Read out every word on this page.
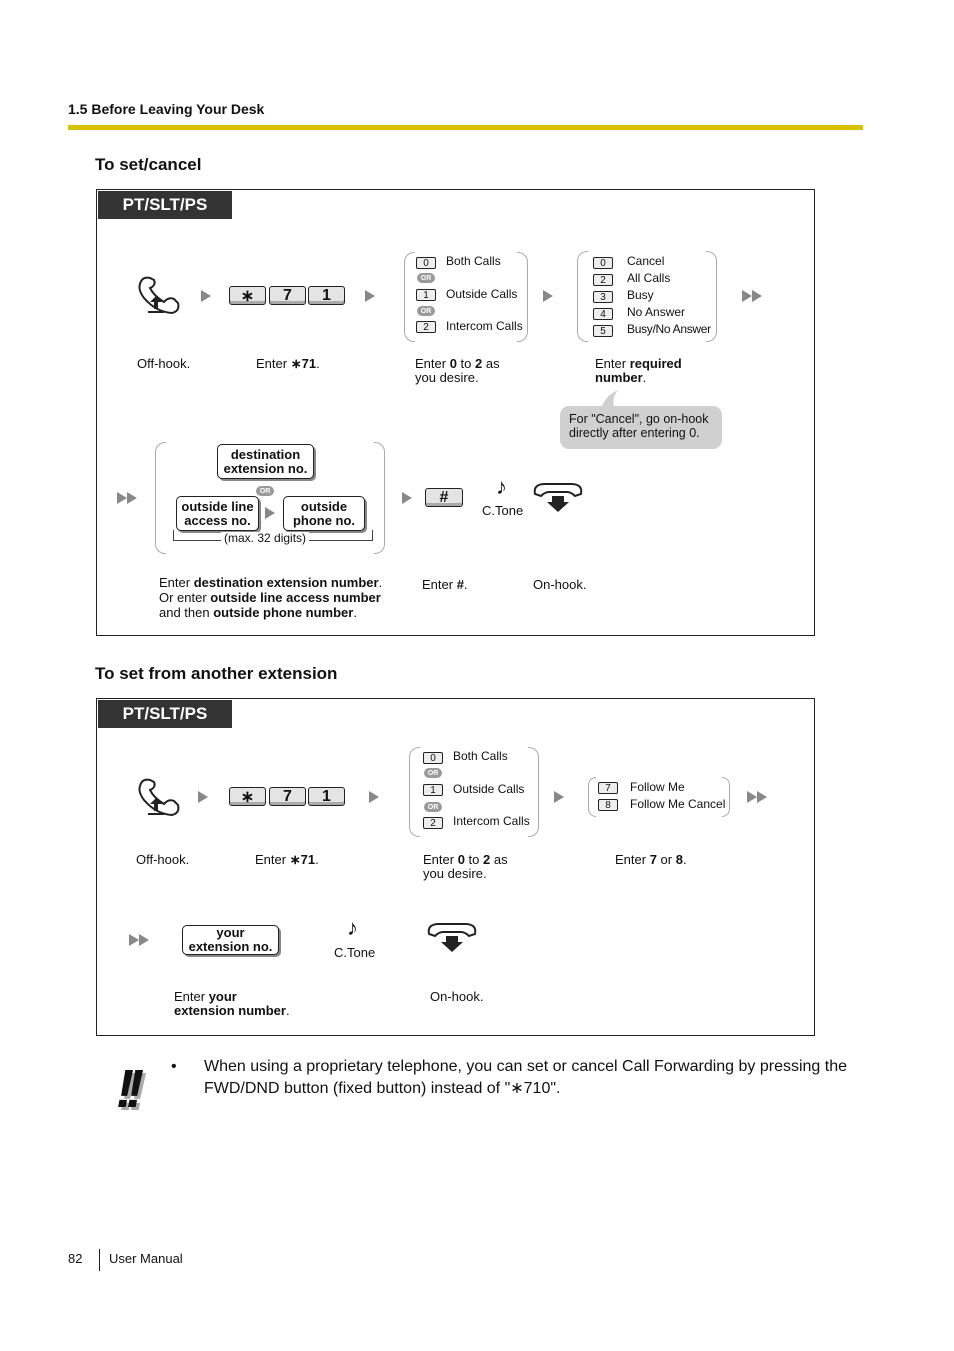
1.5 Before Leaving Your Desk
To set/cancel
PT/SLT/PS
Off-hook.
∗	7	1
Enter ∗71.
0	Both Calls
OR
1	Outside Calls
OR
2	Intercom Calls
Enter 0 to 2 as
you desire.
0	Cancel
2	All Calls
3	Busy
4	No Answer
5	Busy/No Answer
Enter required
number.
For "Cancel", go on-hook directly after entering 0.
destination
extension no.
OR
outside line
access no.
outside
phone no.
(max. 32 digits)
Enter destination extension number.
Or enter outside line access number
and then outside phone number.
#
Enter #.
♪
C.Tone
On-hook.
To set from another extension
PT/SLT/PS
Off-hook.
∗	7	1
Enter ∗71.
0	Both Calls
OR
1	Outside Calls
OR
2	Intercom Calls
Enter 0 to 2 as
you desire.
7	Follow Me
8	Follow Me Cancel
Enter 7 or 8.
your
extension no.
Enter your
extension number.
♪
C.Tone
On-hook.
!! • When using a proprietary telephone, you can set or cancel Call Forwarding by pressing the FWD/DND button (fixed button) instead of "∗710".
82 User Manual
